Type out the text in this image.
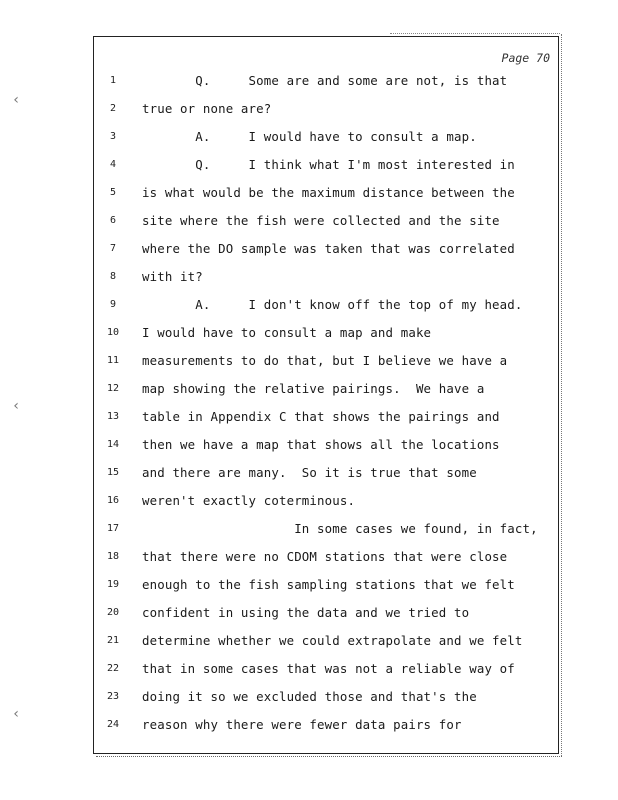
‹
‹
‹
Page 70
1	Q.     Some are and some are not, is that
2	true or none are?
3	A.     I would have to consult a map.
4	Q.     I think what I'm most interested in
5	is what would be the maximum distance between the
6	site where the fish were collected and the site
7	where the DO sample was taken that was correlated
8	with it?
9	A.     I don't know off the top of my head.
10	I would have to consult a map and make
11	measurements to do that, but I believe we have a
12	map showing the relative pairings.  We have a
13	table in Appendix C that shows the pairings and
14	then we have a map that shows all the locations
15	and there are many.  So it is true that some
16	weren't exactly coterminous.
17	In some cases we found, in fact,
18	that there were no CDOM stations that were close
19	enough to the fish sampling stations that we felt
20	confident in using the data and we tried to
21	determine whether we could extrapolate and we felt
22	that in some cases that was not a reliable way of
23	doing it so we excluded those and that's the
24	reason why there were fewer data pairs for
